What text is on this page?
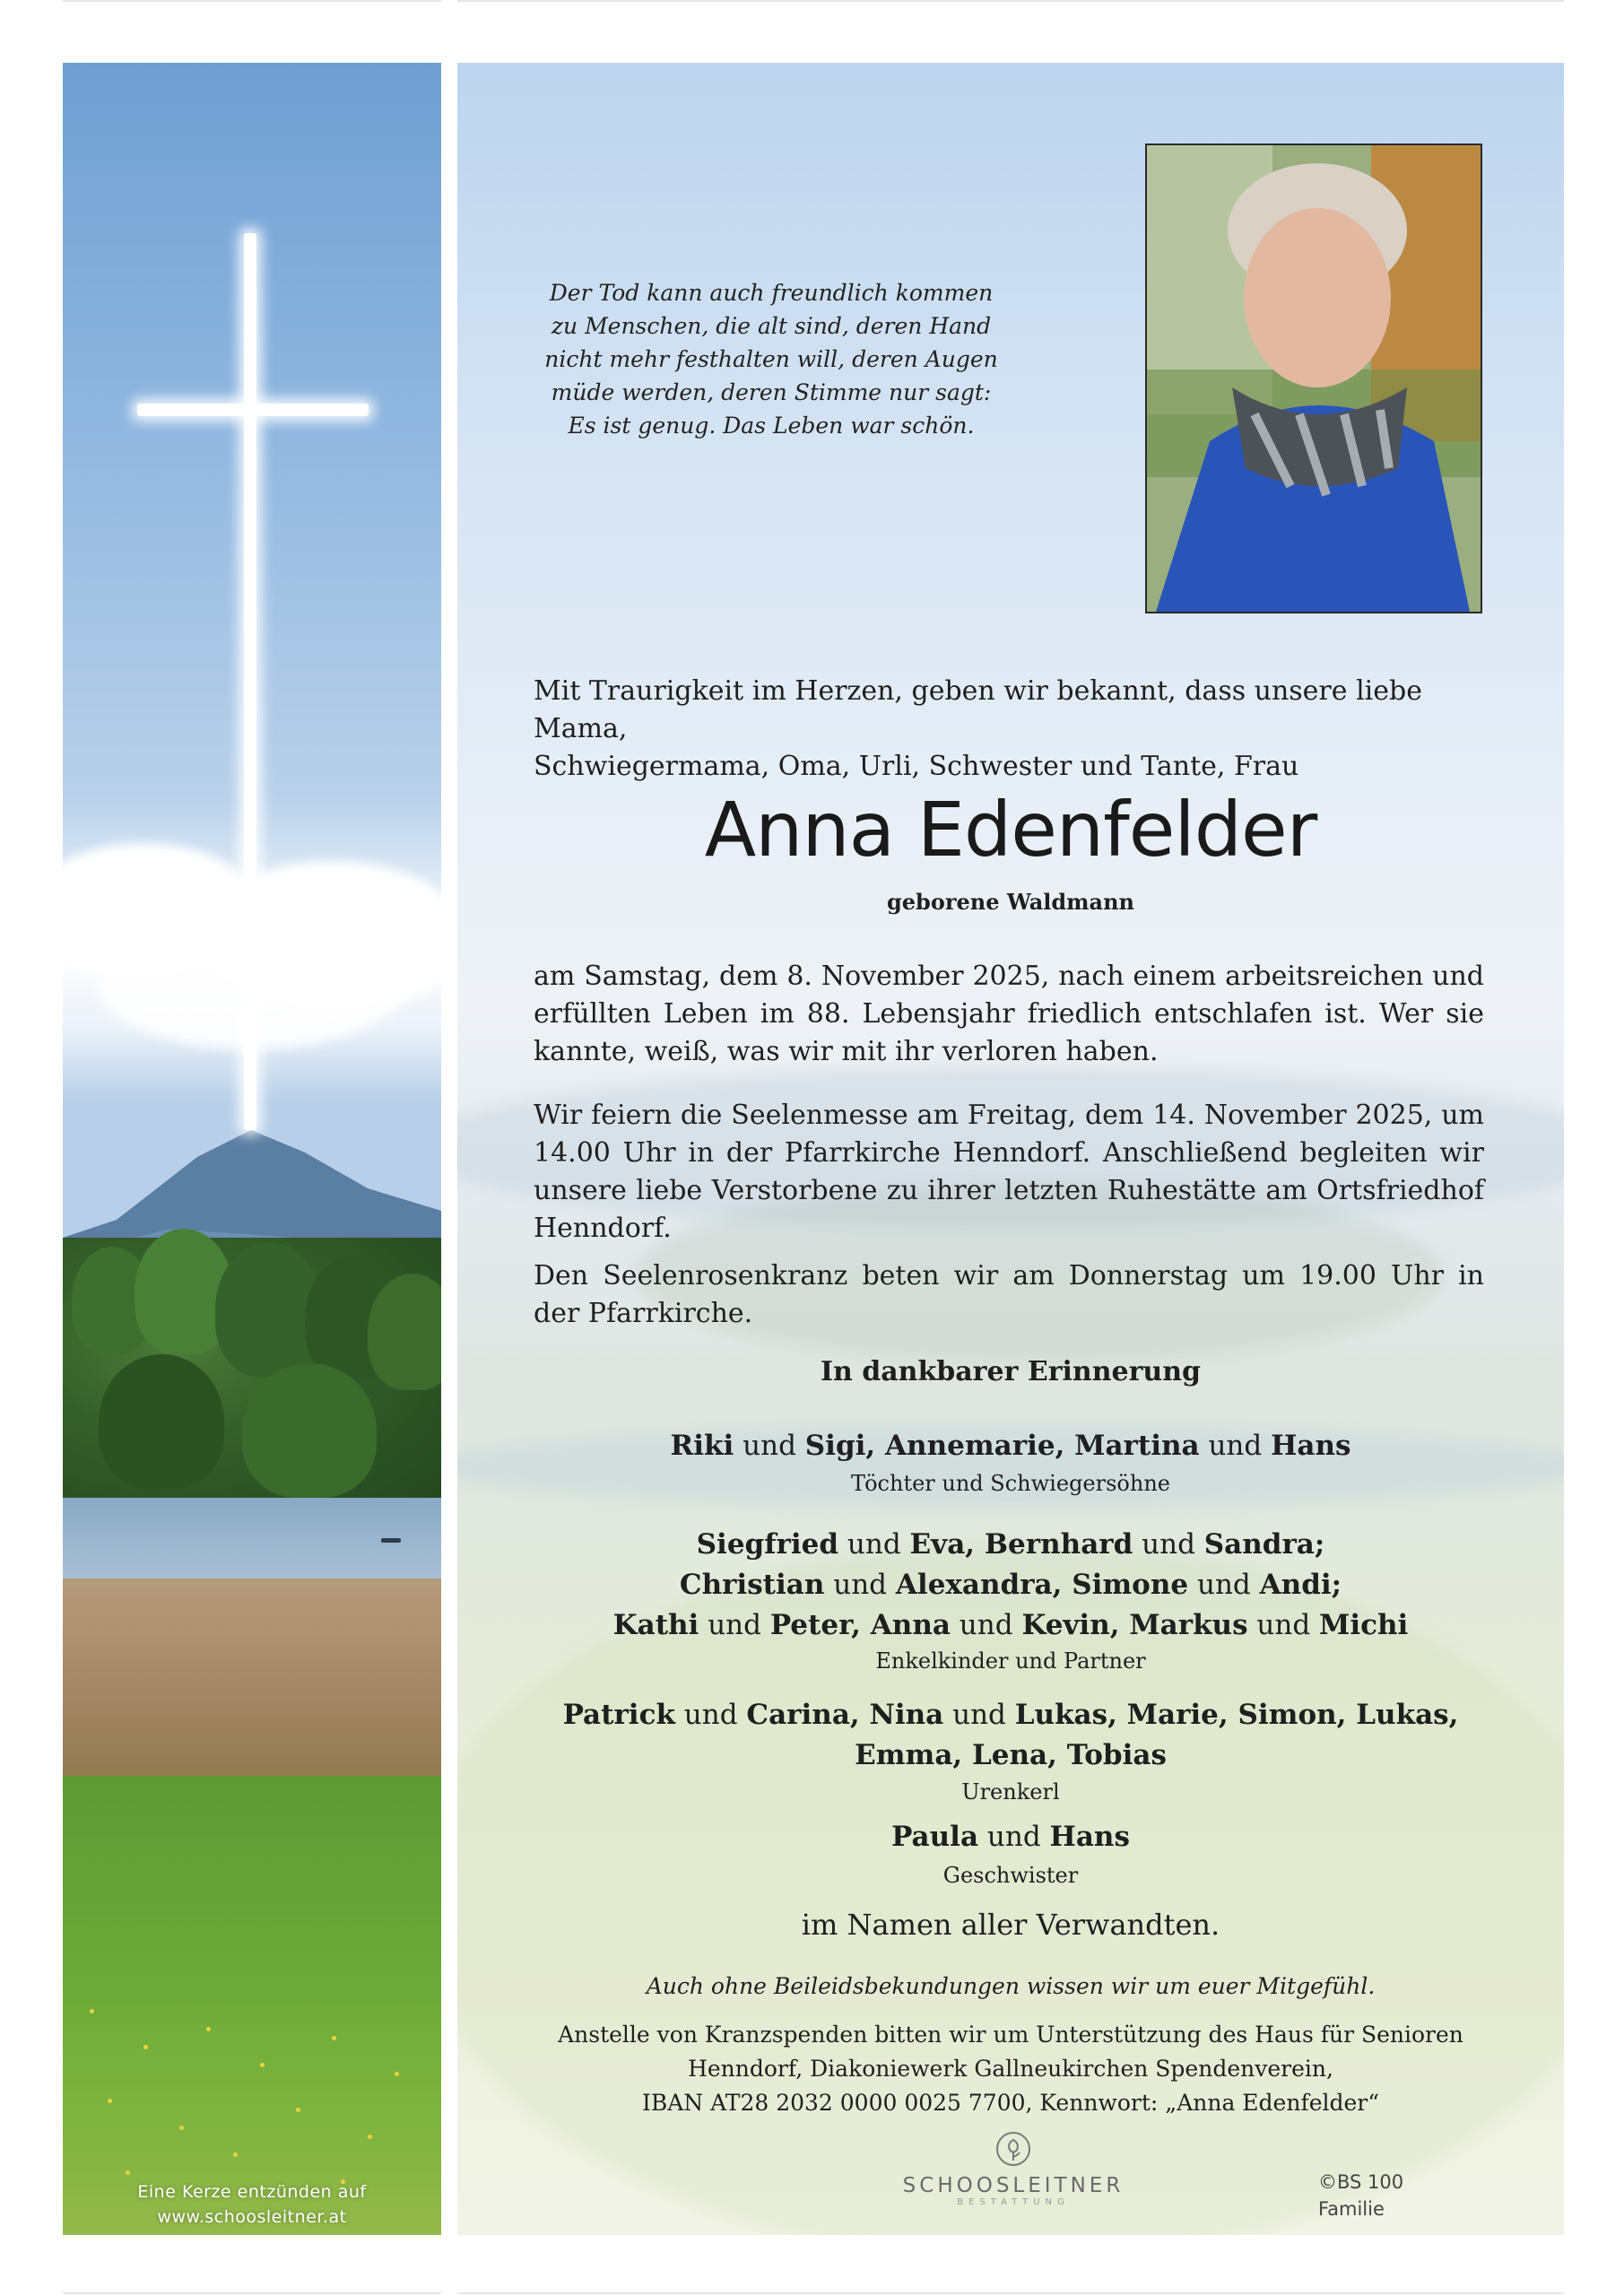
Eine Kerze entzünden auf
www.schoosleitner.at
Der Tod kann auch freundlich kommen
zu Menschen, die alt sind, deren Hand
nicht mehr festhalten will, deren Augen
müde werden, deren Stimme nur sagt:
Es ist genug. Das Leben war schön.
Mit Traurigkeit im Herzen, geben wir bekannt, dass unsere liebe Mama,
Schwiegermama, Oma, Urli, Schwester und Tante, Frau
Anna Edenfelder
geborene Waldmann
am Samstag, dem 8. November 2025, nach einem arbeitsreichen und erfüllten Leben im 88. Lebensjahr friedlich entschlafen ist. Wer sie kannte, weiß, was wir mit ihr verloren haben.
Wir feiern die Seelenmesse am Freitag, dem 14. November 2025, um 14.00 Uhr in der Pfarrkirche Henndorf. Anschließend begleiten wir unsere liebe Verstorbene zu ihrer letzten Ruhestätte am Ortsfriedhof Henndorf.
Den Seelenrosenkranz beten wir am Donnerstag um 19.00 Uhr in der Pfarrkirche.
In dankbarer Erinnerung
Riki und Sigi, Annemarie, Martina und Hans
Töchter und Schwiegersöhne
Siegfried und Eva, Bernhard und Sandra;
Christian und Alexandra, Simone und Andi;
Kathi und Peter, Anna und Kevin, Markus und Michi
Enkelkinder und Partner
Patrick und Carina, Nina und Lukas, Marie, Simon, Lukas,
Emma, Lena, Tobias
Urenkerl
Paula und Hans
Geschwister
im Namen aller Verwandten.
Auch ohne Beileidsbekundungen wissen wir um euer Mitgefühl.
Anstelle von Kranzspenden bitten wir um Unterstützung des Haus für Senioren
Henndorf, Diakoniewerk Gallneukirchen Spendenverein,
IBAN AT28 2032 0000 0025 7700, Kennwort: „Anna Edenfelder“
SCHOOSLEITNER
BESTATTUNG
©BS 100
Familie
